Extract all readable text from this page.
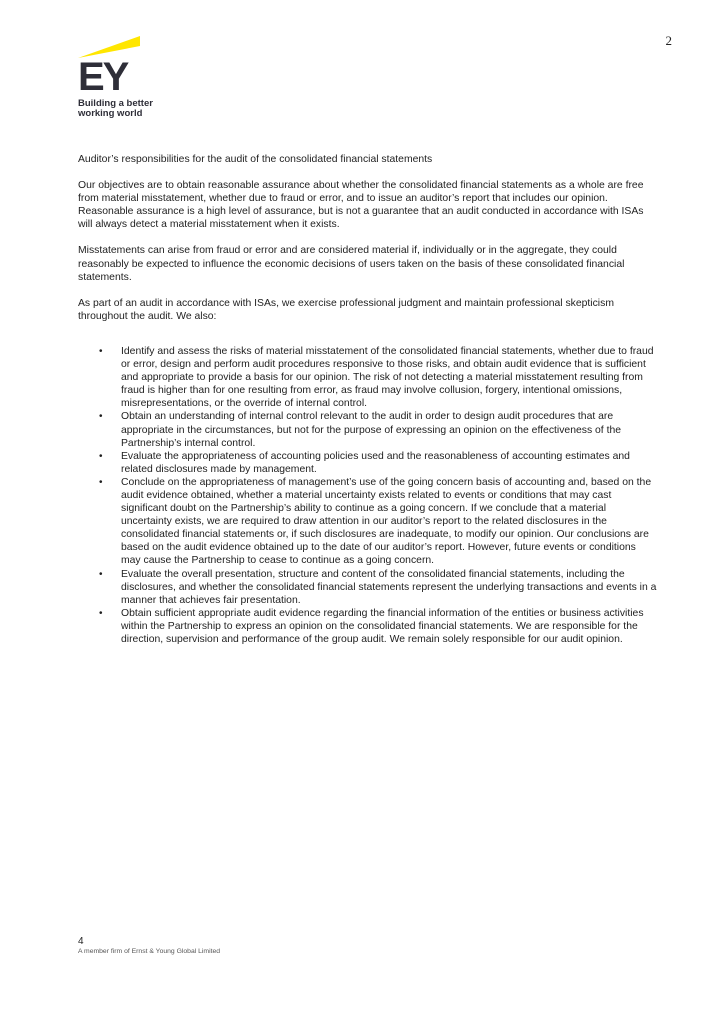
2
EY
Building a better
working world

Auditor’s responsibilities for the audit of the consolidated financial statements

Our objectives are to obtain reasonable assurance about whether the consolidated financial statements as a whole are free from material misstatement, whether due to fraud or error, and to issue an auditor’s report that includes our opinion. Reasonable assurance is a high level of assurance, but is not a guarantee that an audit conducted in accordance with ISAs will always detect a material misstatement when it exists.

Misstatements can arise from fraud or error and are considered material if, individually or in the aggregate, they could reasonably be expected to influence the economic decisions of users taken on the basis of these consolidated financial statements.

As part of an audit in accordance with ISAs, we exercise professional judgment and maintain professional skepticism throughout the audit. We also:

• Identify and assess the risks of material misstatement of the consolidated financial statements, whether due to fraud or error, design and perform audit procedures responsive to those risks, and obtain audit evidence that is sufficient and appropriate to provide a basis for our opinion. The risk of not detecting a material misstatement resulting from fraud is higher than for one resulting from error, as fraud may involve collusion, forgery, intentional omissions, misrepresentations, or the override of internal control.
• Obtain an understanding of internal control relevant to the audit in order to design audit procedures that are appropriate in the circumstances, but not for the purpose of expressing an opinion on the effectiveness of the Partnership’s internal control.
• Evaluate the appropriateness of accounting policies used and the reasonableness of accounting estimates and related disclosures made by management.
• Conclude on the appropriateness of management’s use of the going concern basis of accounting and, based on the audit evidence obtained, whether a material uncertainty exists related to events or conditions that may cast significant doubt on the Partnership’s ability to continue as a going concern. If we conclude that a material uncertainty exists, we are required to draw attention in our auditor’s report to the related disclosures in the consolidated financial statements or, if such disclosures are inadequate, to modify our opinion. Our conclusions are based on the audit evidence obtained up to the date of our auditor’s report. However, future events or conditions may cause the Partnership to cease to continue as a going concern.
• Evaluate the overall presentation, structure and content of the consolidated financial statements, including the disclosures, and whether the consolidated financial statements represent the underlying transactions and events in a manner that achieves fair presentation.
• Obtain sufficient appropriate audit evidence regarding the financial information of the entities or business activities within the Partnership to express an opinion on the consolidated financial statements. We are responsible for the direction, supervision and performance of the group audit. We remain solely responsible for our audit opinion.
4
A member firm of Ernst & Young Global Limited
